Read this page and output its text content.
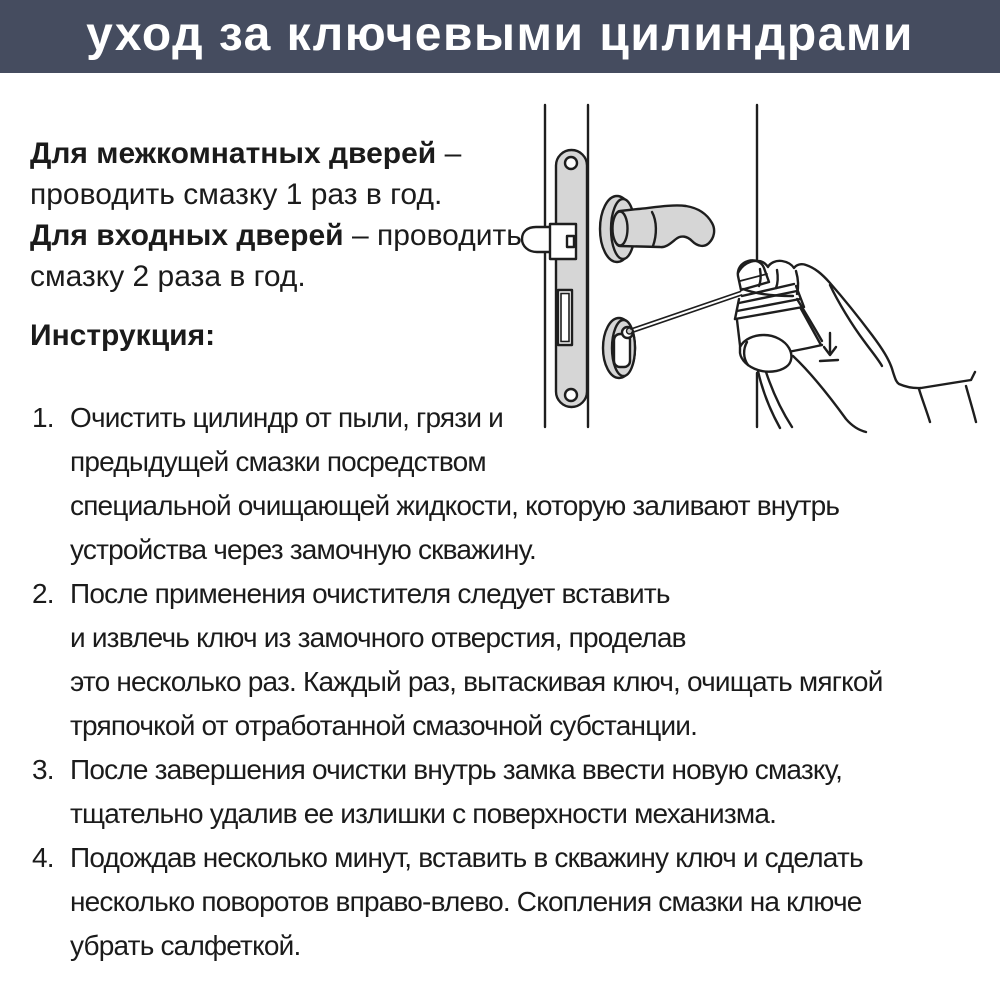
уход за ключевыми цилиндрами
Для межкомнатных дверей –
проводить смазку 1 раз в год.
Для входных дверей – проводить
смазку 2 раза в год.
Инструкция:
1. Очистить цилиндр от пыли, грязи и
предыдущей смазки посредством
специальной очищающей жидкости, которую заливают внутрь
устройства через замочную скважину.
2. После применения очистителя следует вставить
и извлечь ключ из замочного отверстия, проделав
это несколько раз. Каждый раз, вытаскивая ключ, очищать мягкой
тряпочкой от отработанной смазочной субстанции.
3. После завершения очистки внутрь замка ввести новую смазку,
тщательно удалив ее излишки с поверхности механизма.
4. Подождав несколько минут, вставить в скважину ключ и сделать
несколько поворотов вправо-влево. Скопления смазки на ключе
убрать салфеткой.
